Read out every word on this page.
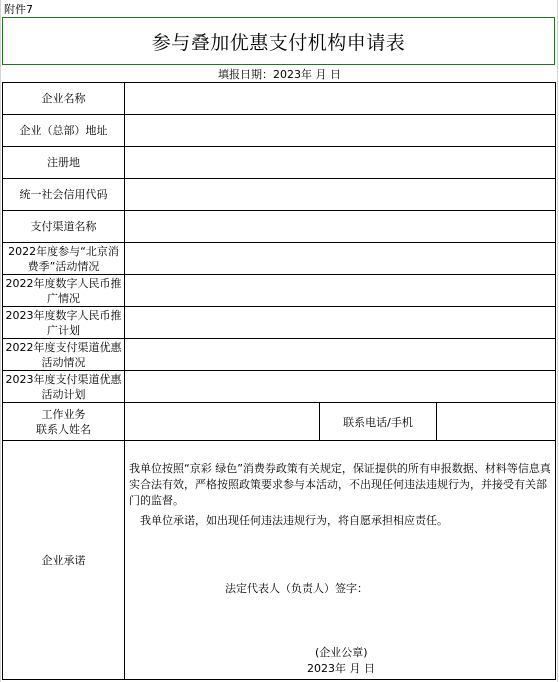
附件7
参与叠加优惠支付机构申请表
填报日期：2023年 月 日
企业名称
企业（总部）地址
注册地
统一社会信用代码
支付渠道名称
2022年度参与“北京消费季”活动情况
2022年度数字人民币推广情况
2023年度数字人民币推广计划
2022年度支付渠道优惠活动情况
2023年度支付渠道优惠活动计划
工作业务
联系人姓名
联系电话/手机
企业承诺

我单位按照“京彩 绿色”消费券政策有关规定，保证提供的所有申报数据、材料等信息真实合法有效，严格按照政策要求参与本活动，不出现任何违法违规行为，并接受有关部门的监督。

我单位承诺，如出现任何违法违规行为，将自愿承担相应责任。

法定代表人（负责人）签字：
(企业公章)
2023年 月 日
